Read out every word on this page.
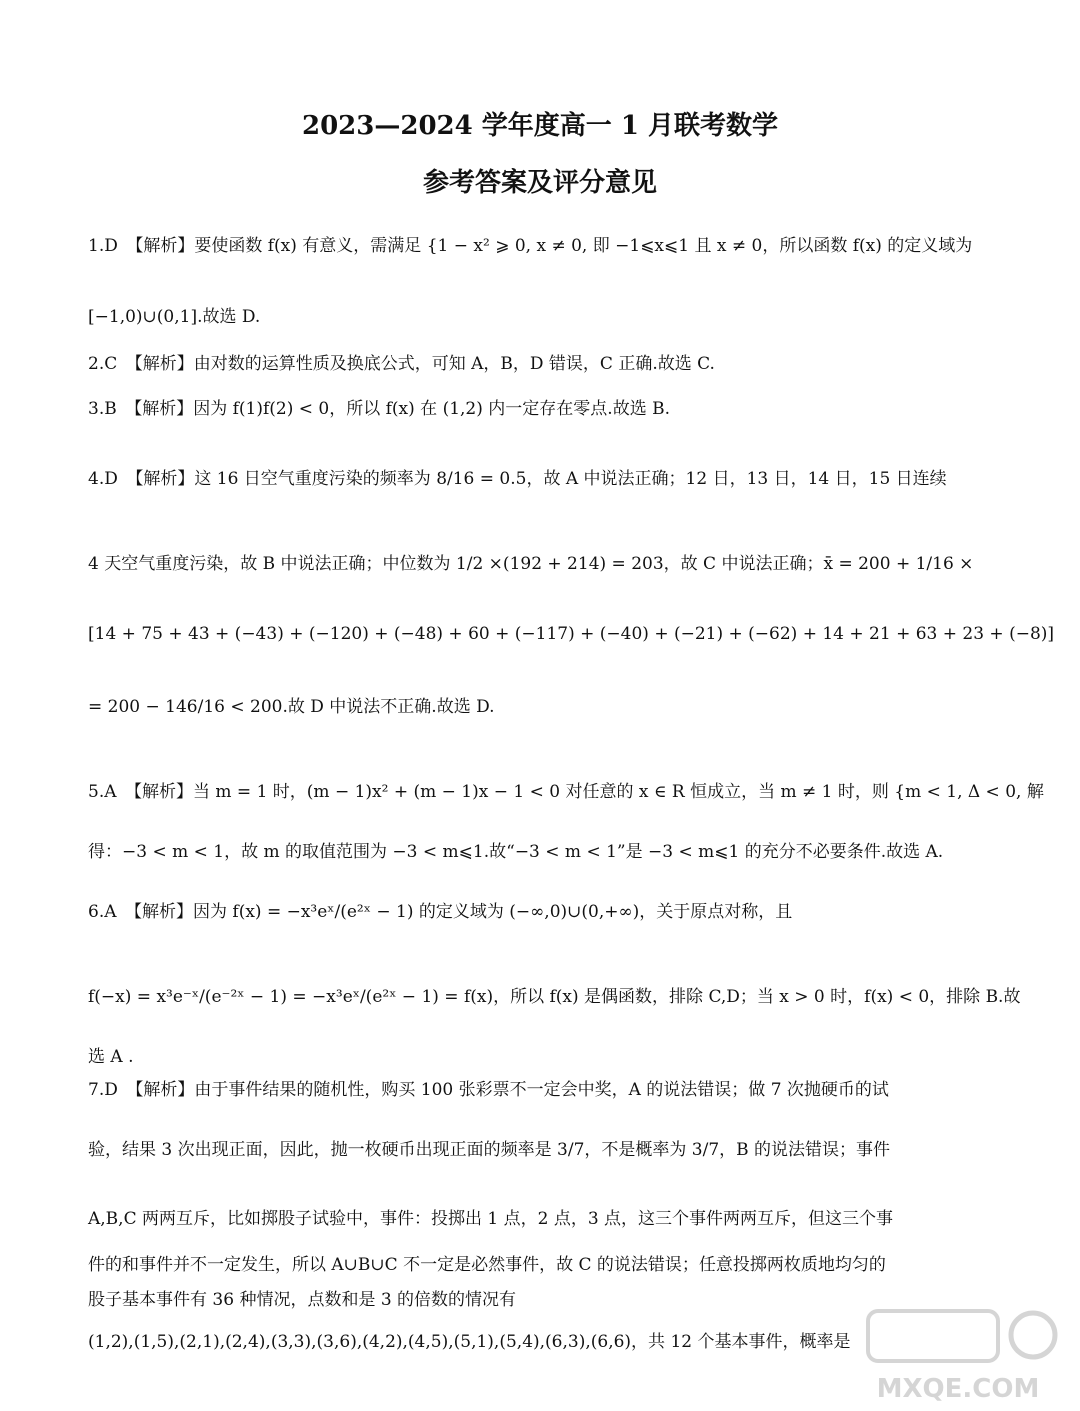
2023—2024 学年度高一 1 月联考数学
参考答案及评分意见
1.D　【解析】要使函数 f(x) 有意义，需满足 {1 − x² ⩾ 0, x ≠ 0, 即 −1⩽x⩽1 且 x ≠ 0，所以函数 f(x) 的定义域为
[−1,0)∪(0,1].故选 D.
2.C　【解析】由对数的运算性质及换底公式，可知 A，B，D 错误，C 正确.故选 C.
3.B　【解析】因为 f(1)f(2) < 0，所以 f(x) 在 (1,2) 内一定存在零点.故选 B.
4.D　【解析】这 16 日空气重度污染的频率为 8/16 = 0.5，故 A 中说法正确；12 日，13 日，14 日，15 日连续
4 天空气重度污染，故 B 中说法正确；中位数为 1/2 ×(192 + 214) = 203，故 C 中说法正确；x̄ = 200 + 1/16 ×
[14 + 75 + 43 + (−43) + (−120) + (−48) + 60 + (−117) + (−40) + (−21) + (−62) + 14 + 21 + 63 + 23 + (−8)]
= 200 − 146/16 < 200.故 D 中说法不正确.故选 D.
5.A　【解析】当 m = 1 时，(m − 1)x² + (m − 1)x − 1 < 0 对任意的 x ∈ R 恒成立，当 m ≠ 1 时，则 {m < 1, Δ < 0, 解
得：−3 < m < 1，故 m 的取值范围为 −3 < m⩽1.故“−3 < m < 1”是 −3 < m⩽1 的充分不必要条件.故选 A.
6.A　【解析】因为 f(x) = −x³eˣ/(e²ˣ − 1) 的定义域为 (−∞,0)∪(0,+∞)，关于原点对称，且
f(−x) = x³e⁻ˣ/(e⁻²ˣ − 1) = −x³eˣ/(e²ˣ − 1) = f(x)，所以 f(x) 是偶函数，排除 C,D；当 x > 0 时，f(x) < 0，排除 B.故
选 A .
7.D　【解析】由于事件结果的随机性，购买 100 张彩票不一定会中奖，A 的说法错误；做 7 次抛硬币的试
验，结果 3 次出现正面，因此，抛一枚硬币出现正面的频率是 3/7，不是概率为 3/7，B 的说法错误；事件
A,B,C 两两互斥，比如掷股子试验中，事件：投掷出 1 点，2 点，3 点，这三个事件两两互斥，但这三个事
件的和事件并不一定发生，所以 A∪B∪C 不一定是必然事件，故 C 的说法错误；任意投掷两枚质地均匀的
股子基本事件有 36 种情况，点数和是 3 的倍数的情况有
(1,2),(1,5),(2,1),(2,4),(3,3),(3,6),(4,2),(4,5),(5,1),(5,4),(6,3),(6,6)，共 12 个基本事件，概率是
MXQE.COM
